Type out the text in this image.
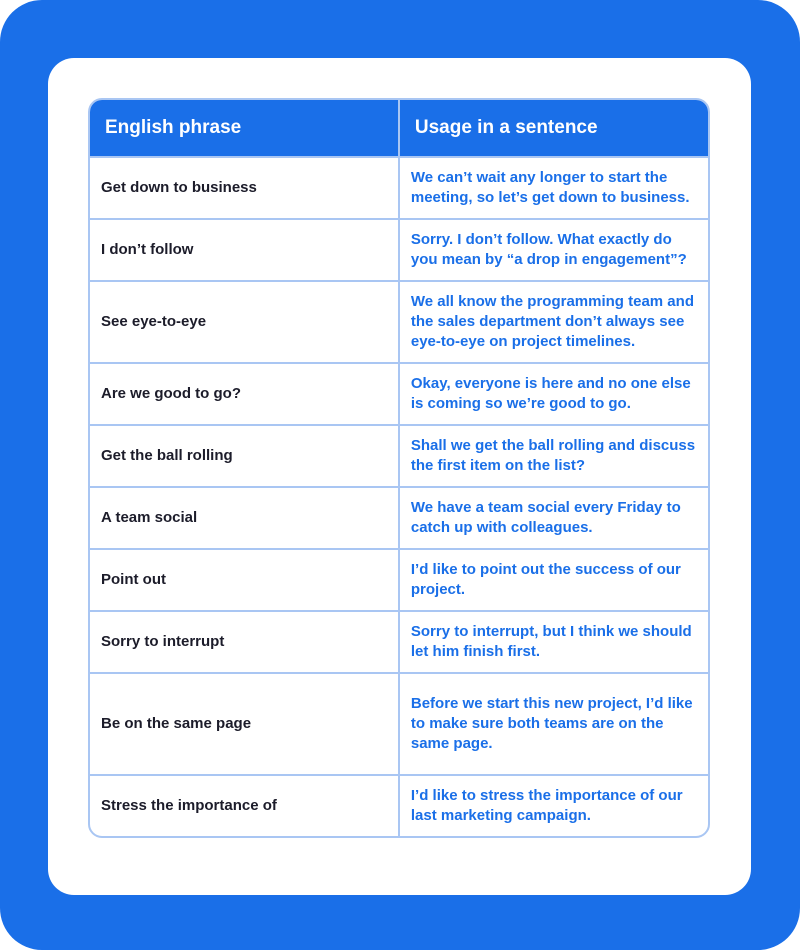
English phrase	Usage in a sentence
Get down to business	We can’t wait any longer to start the meeting, so let’s get down to business.
I don’t follow	Sorry. I don’t follow. What exactly do you mean by “a drop in engagement”?
See eye-to-eye	We all know the programming team and the sales department don’t always see eye-to-eye on project timelines.
Are we good to go?	Okay, everyone is here and no one else is coming so we’re good to go.
Get the ball rolling	Shall we get the ball rolling and discuss the first item on the list?
A team social	We have a team social every Friday to catch up with colleagues.
Point out	I’d like to point out the success of our project.
Sorry to interrupt	Sorry to interrupt, but I think we should let him finish first.
Be on the same page	Before we start this new project, I’d like to make sure both teams are on the same page.
Stress the importance of	I’d like to stress the importance of our last marketing campaign.
